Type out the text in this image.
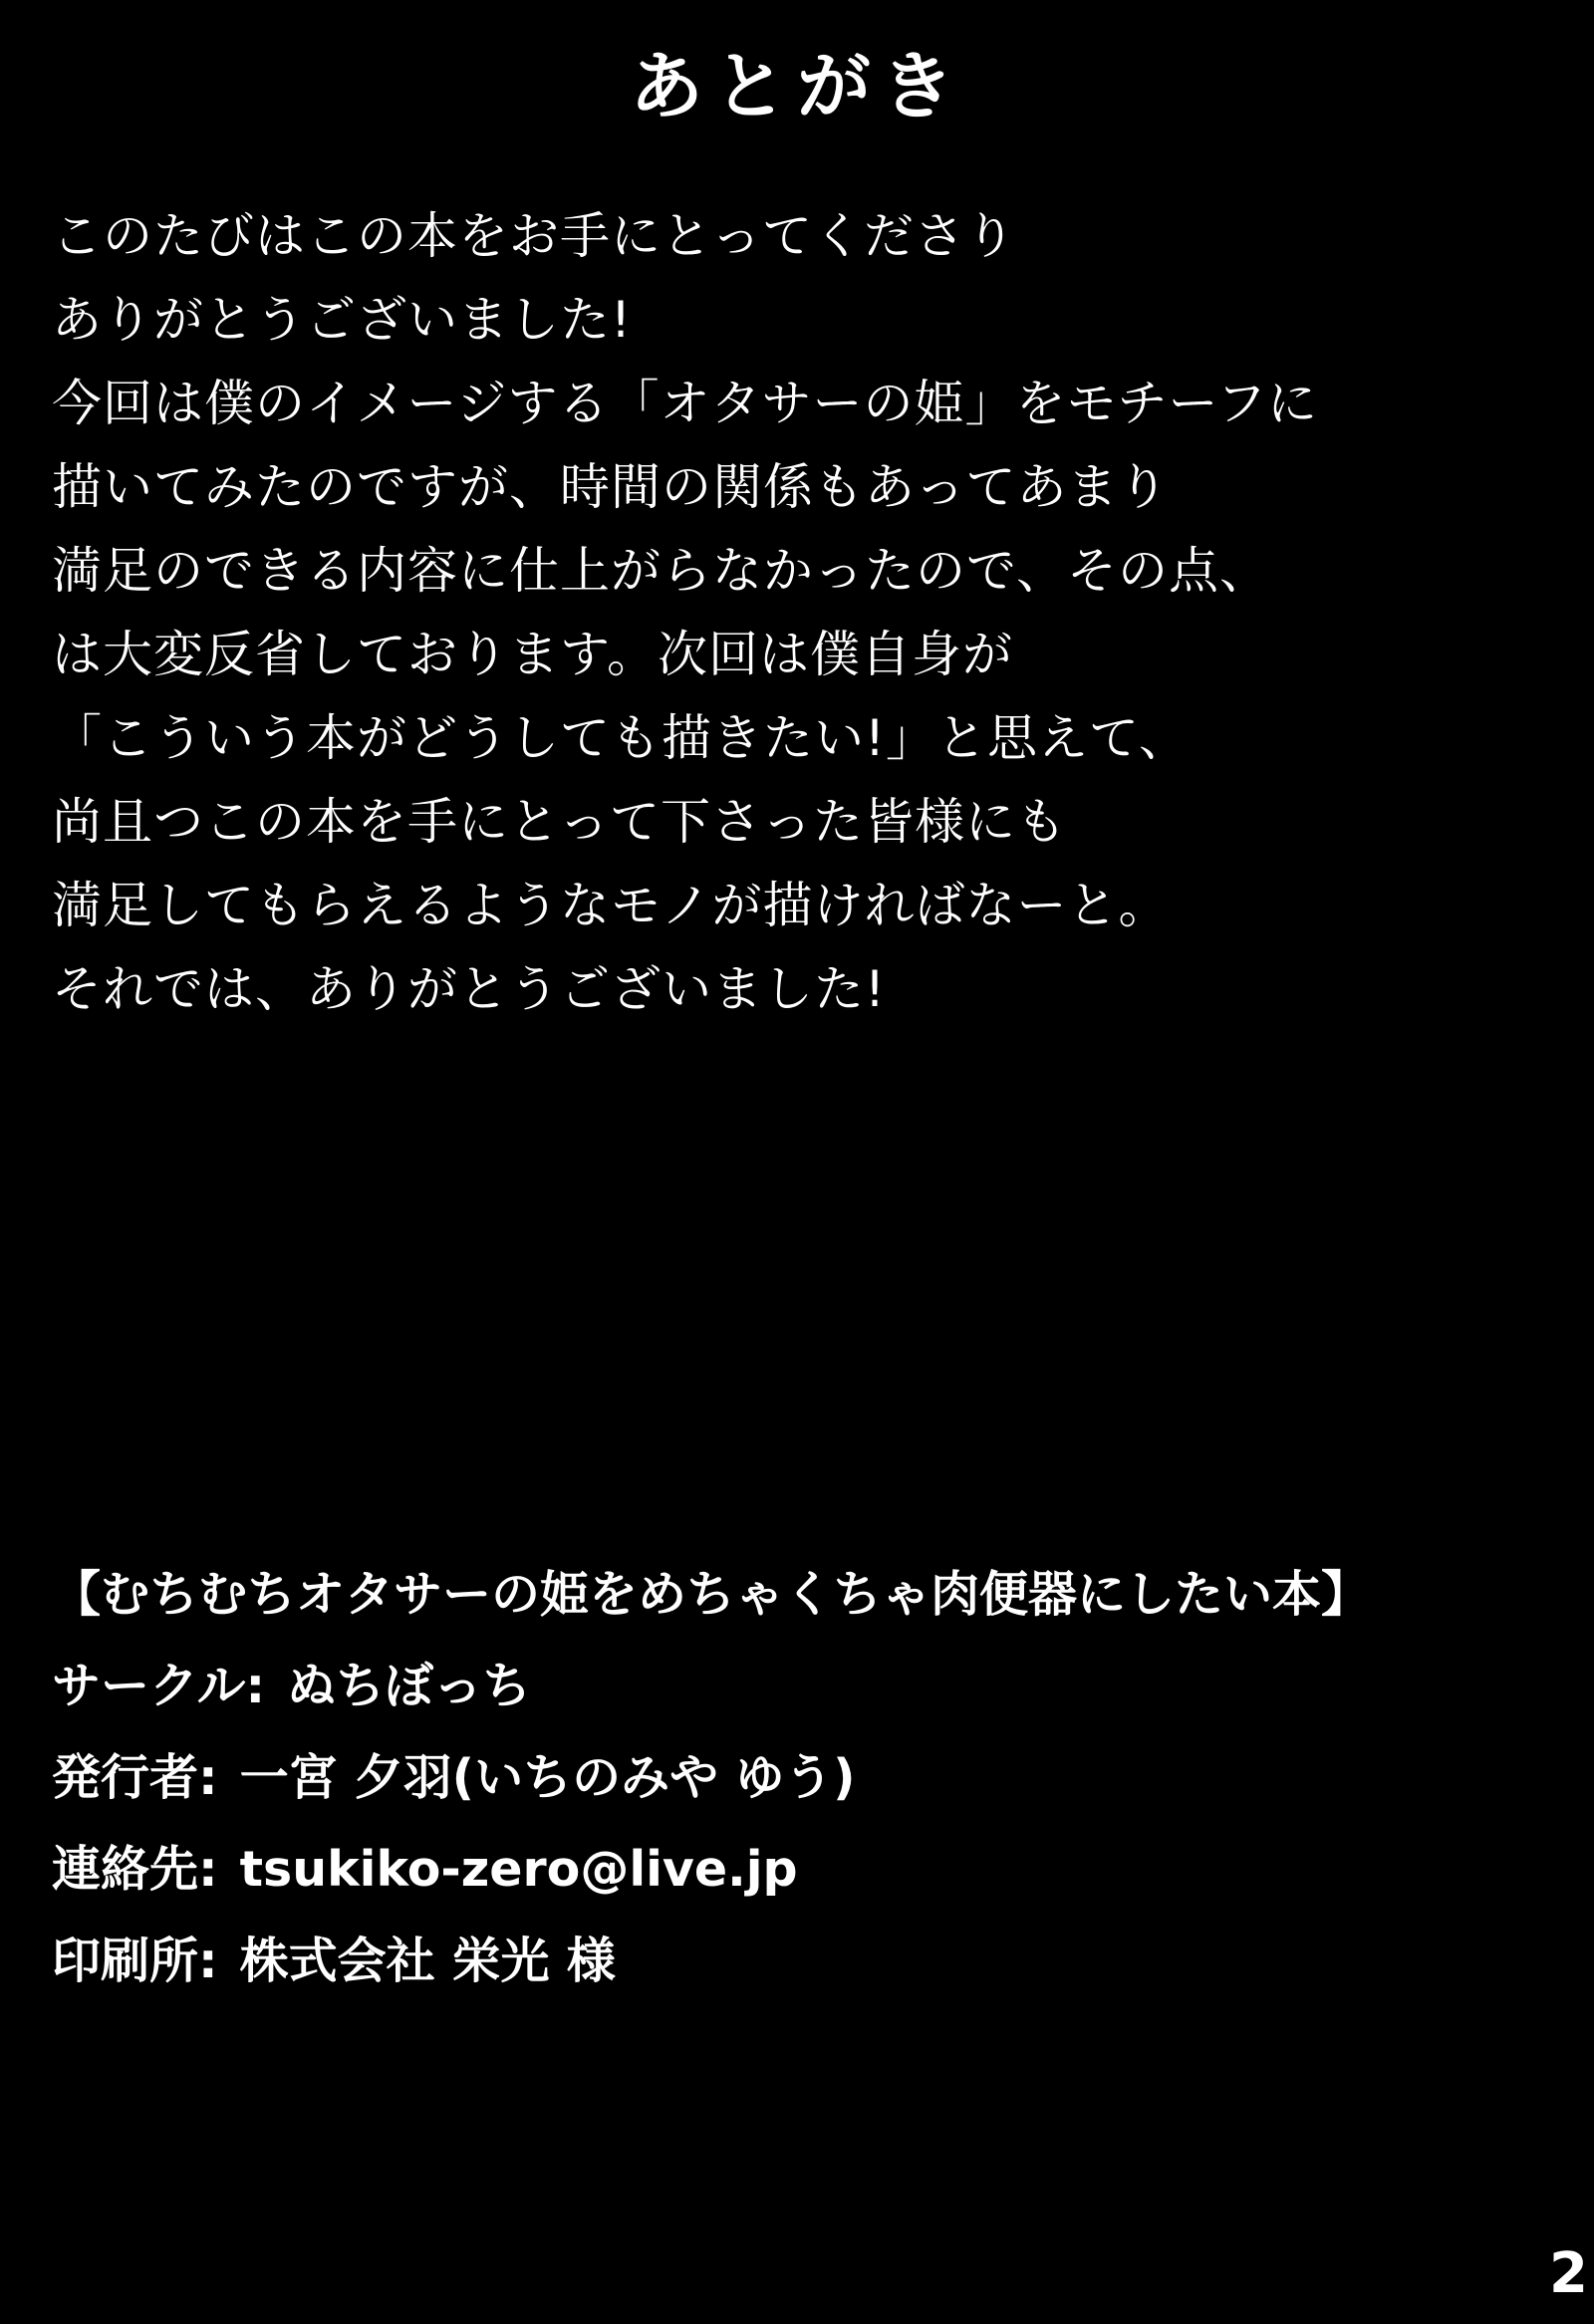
あとがき
このたびはこの本をお手にとってくださり
ありがとうございました!
今回は僕のイメージする「オタサーの姫」をモチーフに
描いてみたのですが、時間の関係もあってあまり
満足のできる内容に仕上がらなかったので、その点、
は大変反省しております。次回は僕自身が
「こういう本がどうしても描きたい!」と思えて、
尚且つこの本を手にとって下さった皆様にも
満足してもらえるようなモノが描ければなーと。
それでは、ありがとうございました!
【むちむちオタサーの姫をめちゃくちゃ肉便器にしたい本】
サークル: ぬちぼっち
発行者: 一宮 夕羽(いちのみや ゆう)
連絡先: tsukiko-zero@live.jp
印刷所: 株式会社 栄光 様
2
